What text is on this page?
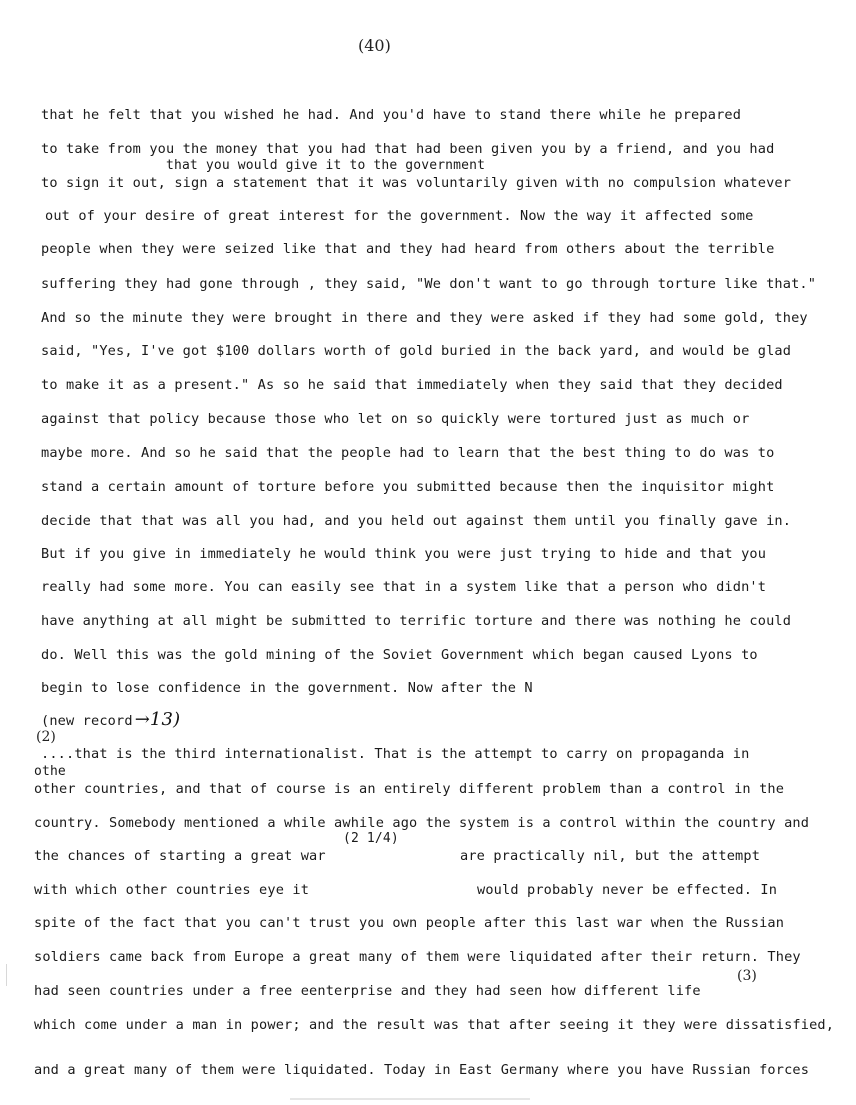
(40)
that he felt that you wished he had. And you'd have to stand there while he prepared
to take from you the money that you had that had been given you by a friend, and you had
that you would give it to the government
to sign it out, sign a statement that it was voluntarily given with no compulsion whatever
out of your desire of great interest for the government. Now the way it affected some
people when they were seized like that and they had heard from others about the terrible
suffering they had gone through , they said, "We don't want to go through torture like that."
And so the minute they were brought in there and they were asked if they had some gold, they
said, "Yes, I've got $100 dollars worth of gold buried in the back yard, and would be glad
to make it as a present." As so he said that immediately when they said that they decided
against that policy because those who let on so quickly were tortured just as much or
maybe more. And so he said that the people had to learn that the best thing to do was to
stand a certain amount of torture before you submitted because then the inquisitor might
decide that that was all you had, and you held out against them until you finally gave in.
But if you give in immediately he would think you were just trying to hide and that you
really had some more. You can easily see that in a system like that a person who didn't
have anything at all might be submitted to terrific torture and there was nothing he could
do. Well this was the gold mining of the Soviet Government which began caused Lyons to
begin to lose confidence in the government. Now after the N
(new record →13)
(2)
....that is the third internationalist. That is the attempt to carry on propaganda in
othe
other countries, and that of course is an entirely different problem than a control in the
country. Somebody mentioned a while awhile ago the system is a control within the country and
(2 1/4)
the chances of starting a great war	are practically nil, but the attempt
with which other countries eye it	would probably never be effected. In
spite of the fact that you can't trust you own people after this last war when the Russian
soldiers came back from Europe a great many of them were liquidated after their return. They
(3)
had seen countries under a free eenterprise and they had seen how different life
which come under a man in power; and the result was that after seeing it they were dissatisfied,
and a great many of them were liquidated. Today in East Germany where you have Russian forces
